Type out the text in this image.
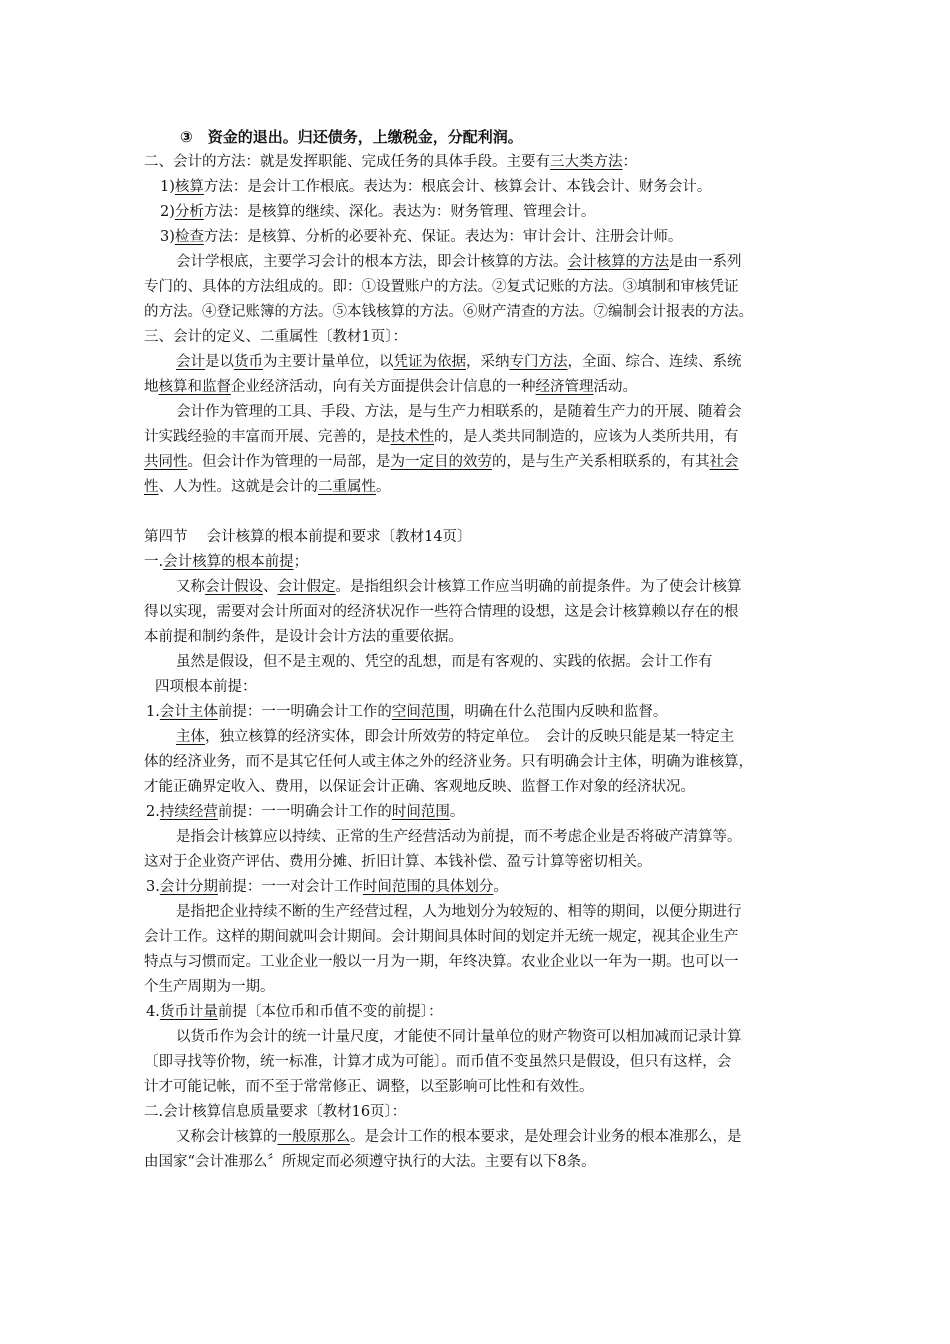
③　资金的退出。归还债务，上缴税金，分配利润。
二、会计的方法：就是发挥职能、完成任务的具体手段。主要有三大类方法：
1)核算方法：是会计工作根底。表达为：根底会计、核算会计、本钱会计、财务会计。
2)分析方法：是核算的继续、深化。表达为：财务管理、管理会计。
3)检查方法：是核算、分析的必要补充、保证。表达为：审计会计、注册会计师。
会计学根底，主要学习会计的根本方法，即会计核算的方法。会计核算的方法是由一系列
专门的、具体的方法组成的。即：①设置账户的方法。②复式记账的方法。③填制和审核凭证
的方法。④登记账簿的方法。⑤本钱核算的方法。⑥财产清查的方法。⑦编制会计报表的方法。
三、会计的定义、二重属性〔教材1页〕：
会计是以货币为主要计量单位，以凭证为依据，采纳专门方法，全面、综合、连续、系统
地核算和监督企业经济活动，向有关方面提供会计信息的一种经济管理活动。
会计作为管理的工具、手段、方法，是与生产力相联系的，是随着生产力的开展、随着会
计实践经验的丰富而开展、完善的，是技术性的，是人类共同制造的，应该为人类所共用，有
共同性。但会计作为管理的一局部，是为一定目的效劳的，是与生产关系相联系的，有其社会
性、人为性。这就是会计的二重属性。
第四节　 会计核算的根本前提和要求〔教材14页〕
一.会计核算的根本前提；
又称会计假设、会计假定。是指组织会计核算工作应当明确的前提条件。为了使会计核算
得以实现，需要对会计所面对的经济状况作一些符合情理的设想，这是会计核算赖以存在的根
本前提和制约条件，是设计会计方法的重要依据。
虽然是假设，但不是主观的、凭空的乱想，而是有客观的、实践的依据。会计工作有
四项根本前提：
1.会计主体前提：一一明确会计工作的空间范围，明确在什么范围内反映和监督。
主体，独立核算的经济实体，即会计所效劳的特定单位。　会计的反映只能是某一特定主
体的经济业务，而不是其它任何人或主体之外的经济业务。只有明确会计主体，明确为谁核算，
才能正确界定收入、费用，以保证会计正确、客观地反映、监督工作对象的经济状况。
2.持续经营前提：一一明确会计工作的时间范围。
是指会计核算应以持续、正常的生产经营活动为前提，而不考虑企业是否将破产清算等。
这对于企业资产评估、费用分摊、折旧计算、本钱补偿、盈亏计算等密切相关。
3.会计分期前提：一一对会计工作时间范围的具体划分。
是指把企业持续不断的生产经营过程，人为地划分为较短的、相等的期间，以便分期进行
会计工作。这样的期间就叫会计期间。会计期间具体时间的划定并无统一规定，视其企业生产
特点与习惯而定。工业企业一般以一月为一期，年终决算。农业企业以一年为一期。也可以一
个生产周期为一期。
4.货币计量前提〔本位币和币值不变的前提〕：
以货币作为会计的统一计量尺度，才能使不同计量单位的财产物资可以相加减而记录计算
〔即寻找等价物，统一标准，计算才成为可能〕。而币值不变虽然只是假设，但只有这样，会
计才可能记帐，而不至于常常修正、调整，以至影响可比性和有效性。
二.会计核算信息质量要求〔教材16页〕：
又称会计核算的一般原那么。是会计工作的根本要求，是处理会计业务的根本准那么，是
由国家“会计准那么〞所规定而必须遵守执行的大法。主要有以下8条。
